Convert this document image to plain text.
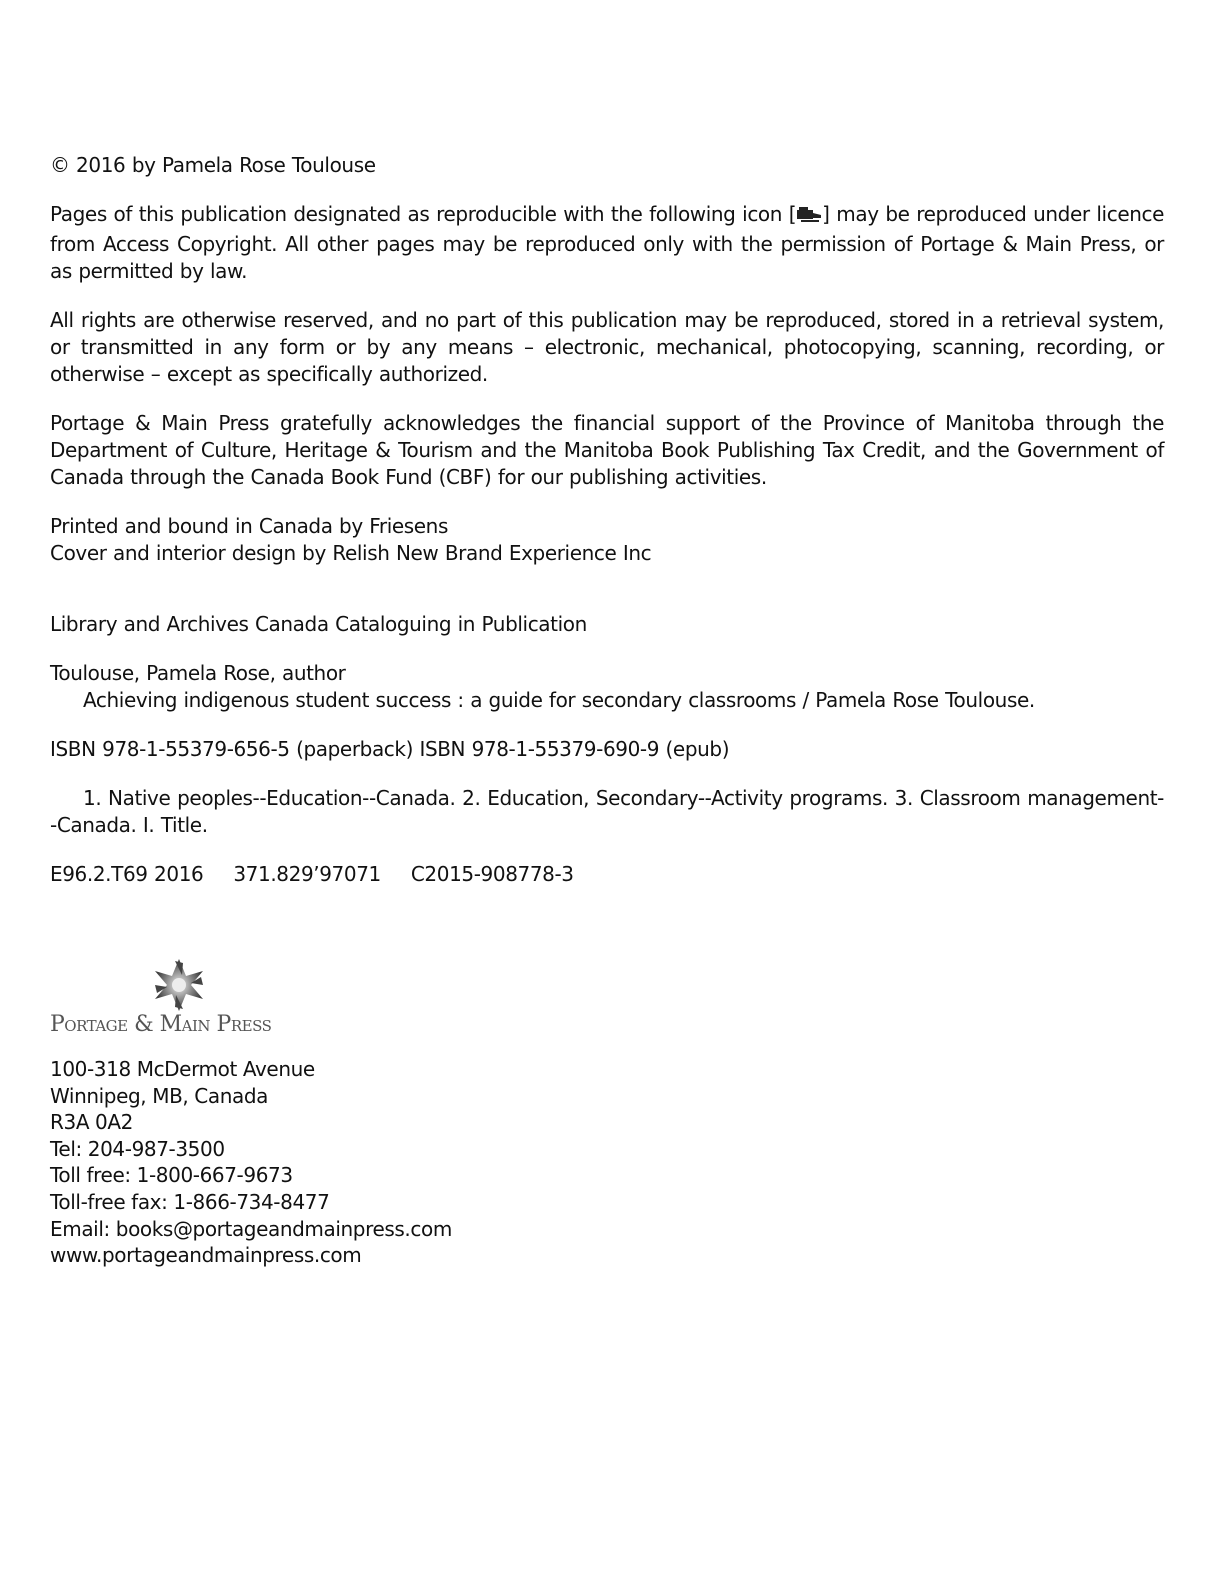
© 2016 by Pamela Rose Toulouse

Pages of this publication designated as reproducible with the following icon [ ] may be reproduced under licence from Access Copyright. All other pages may be reproduced only with the permission of Portage & Main Press, or as permitted by law.

All rights are otherwise reserved, and no part of this publication may be reproduced, stored in a retrieval system, or transmitted in any form or by any means – electronic, mechanical, photocopying, scanning, recording, or otherwise – except as specifically authorized.

Portage & Main Press gratefully acknowledges the financial support of the Province of Manitoba through the Department of Culture, Heritage & Tourism and the Manitoba Book Publishing Tax Credit, and the Government of Canada through the Canada Book Fund (CBF) for our publishing activities.

Printed and bound in Canada by Friesens

Cover and interior design by Relish New Brand Experience Inc

Library and Archives Canada Cataloguing in Publication

Toulouse, Pamela Rose, author

Achieving indigenous student success : a guide for secondary classrooms / Pamela Rose Toulouse.

ISBN 978-1-55379-656-5 (paperback) ISBN 978-1-55379-690-9 (epub)

1. Native peoples--Education--Canada. 2. Education, Secondary--Activity programs. 3. Classroom management--Canada. I. Title.

E96.2.T69 2016 371.829’97071 C2015-908778-3

Portage & Main Press
100-318 McDermot Avenue
Winnipeg, MB, Canada
R3A 0A2
Tel: 204-987-3500
Toll free: 1-800-667-9673
Toll-free fax: 1-866-734-8477
Email: books@portageandmainpress.com
www.portageandmainpress.com
